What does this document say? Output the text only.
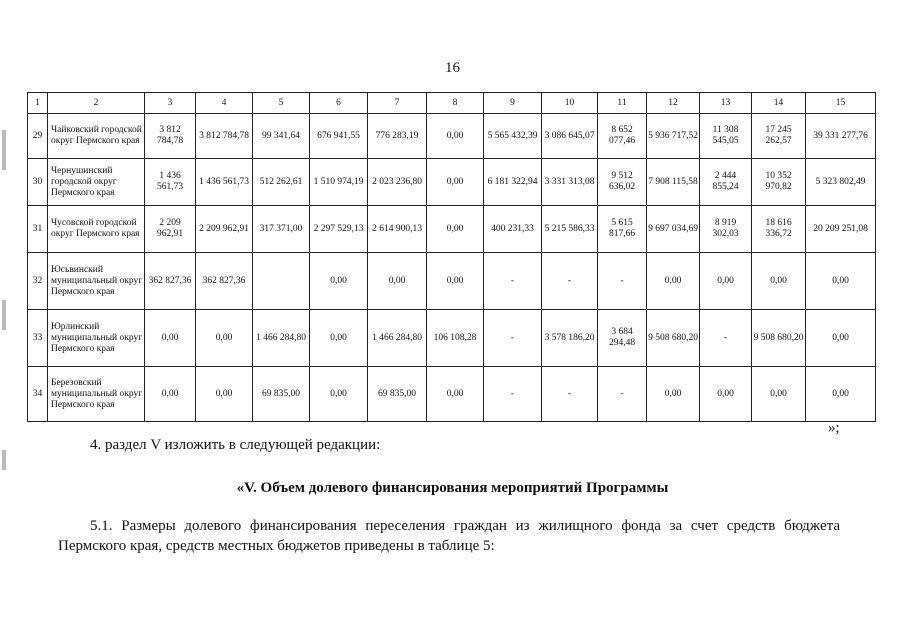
16
1	2	3	4	5	6	7	8	9	10	11	12	13	14	15
29	Чайковский городской округ Пермского края	3 812 784,78	3 812 784,78	99 341,64	676 941,55	776 283,19	0,00	5 565 432,39	3 086 645,07	8 652 077,46	5 936 717,52	11 308 545,05	17 245 262,57	39 331 277,76
30	Чернушинский городской округ Пермского края	1 436 561,73	1 436 561,73	512 262,61	1 510 974,19	2 023 236,80	0,00	6 181 322,94	3 331 313,08	9 512 636,02	7 908 115,58	2 444 855,24	10 352 970,82	5 323 802,49
31	Чусовской городской округ Пермского края	2 209 962,91	2 209 962,91	317 371,00	2 297 529,13	2 614 900,13	0,00	400 231,33	5 215 586,33	5 615 817,66	9 697 034,69	8 919 302,03	18 616 336,72	20 209 251,08
32	Юсьвинский муниципальный округ Пермского края	362 827,36	362 827,36		0,00	0,00	0,00	-	-	-	0,00	0,00	0,00	0,00
33	Юрлинский муниципальный округ Пермского края	0,00	0,00	1 466 284,80	0,00	1 466 284,80	106 108,28	-	3 578 186,20	3 684 294,48	9 508 680,20	-	9 508 680,20	0,00
34	Березовский муниципальный округ Пермского края	0,00	0,00	69 835,00	0,00	69 835,00	0,00	-	-	-	0,00	0,00	0,00	0,00
»;
4. раздел V изложить в следующей редакции:
«V. Объем долевого финансирования мероприятий Программы
5.1. Размеры долевого финансирования переселения граждан из жилищного фонда за счет средств бюджета Пермского края, средств местных бюджетов приведены в таблице 5:
